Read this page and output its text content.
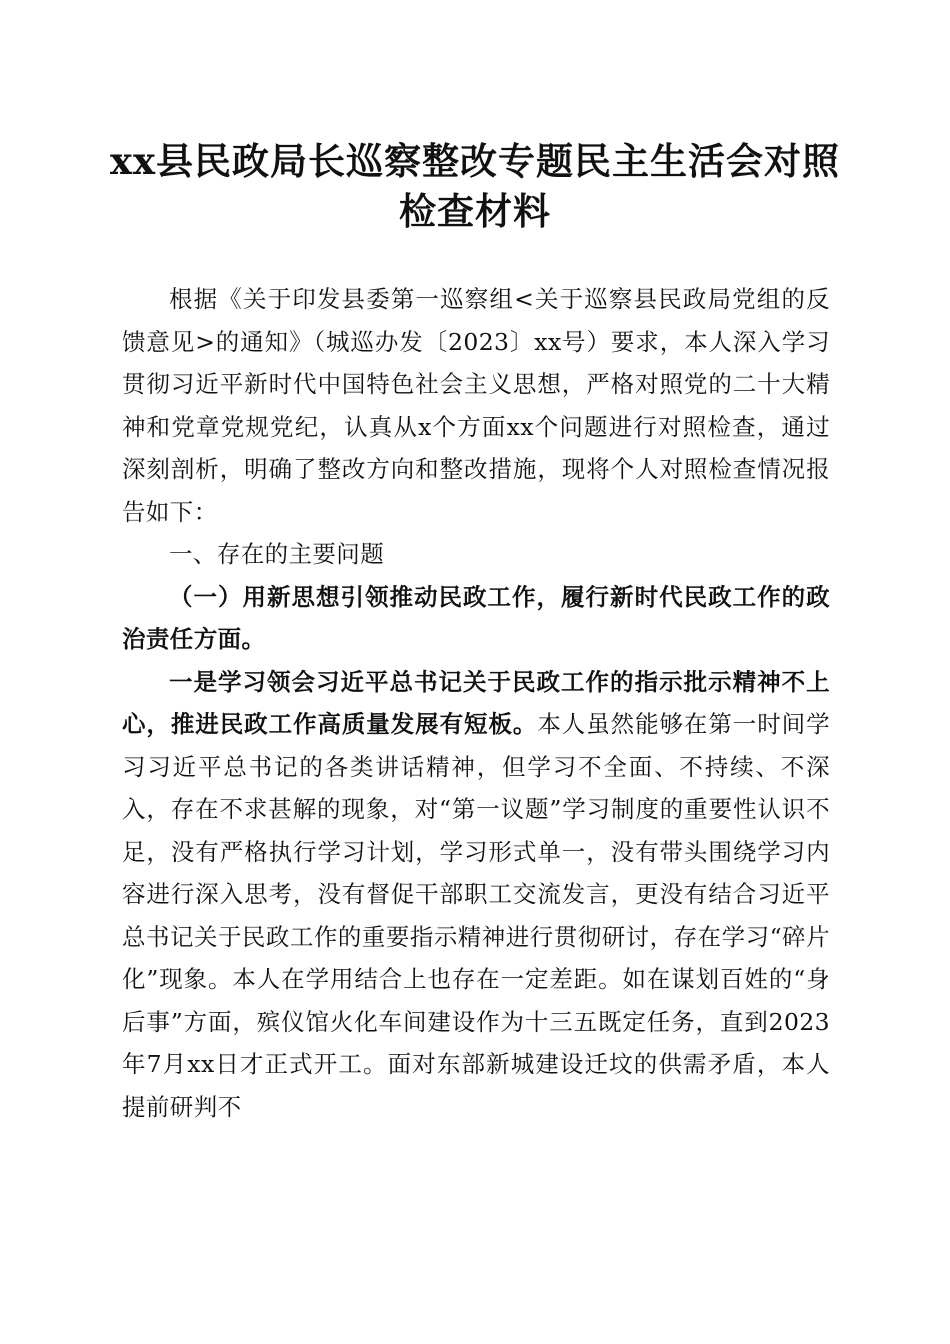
xx县民政局长巡察整改专题民主生活会对照
检查材料

根据《关于印发县委第一巡察组<关于巡察县民政局党组的反馈意见>的通知》（城巡办发〔2023〕xx号）要求，本人深入学习贯彻习近平新时代中国特色社会主义思想，严格对照党的二十大精神和党章党规党纪，认真从x个方面xx个问题进行对照检查，通过深刻剖析，明确了整改方向和整改措施，现将个人对照检查情况报告如下：

一、存在的主要问题

（一）用新思想引领推动民政工作，履行新时代民政工作的政治责任方面。

一是学习领会习近平总书记关于民政工作的指示批示精神不上心，推进民政工作高质量发展有短板。本人虽然能够在第一时间学习习近平总书记的各类讲话精神，但学习不全面、不持续、不深入，存在不求甚解的现象，对“第一议题”学习制度的重要性认识不足，没有严格执行学习计划，学习形式单一，没有带头围绕学习内容进行深入思考，没有督促干部职工交流发言，更没有结合习近平总书记关于民政工作的重要指示精神进行贯彻研讨，存在学习“碎片化”现象。本人在学用结合上也存在一定差距。如在谋划百姓的“身后事”方面，殡仪馆火化车间建设作为十三五既定任务，直到2023年7月xx日才正式开工。面对东部新城建设迁坟的供需矛盾，本人提前研判不
